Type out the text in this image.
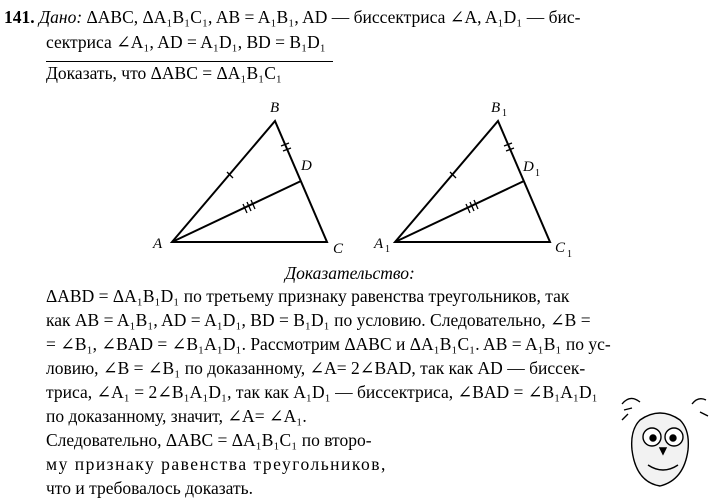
141. Дано: ΔABC, ΔA₁B₁C₁, AB = A₁B₁, AD — биссектриса ∠A, A₁D₁ — бис-
сектриса ∠A₁, AD = A₁D₁, BD = B₁D₁
Доказать, что ΔABC = ΔA₁B₁C₁
B
D
A	C
B 1
D 1
A 1	C 1
Доказательство:
ΔABD = ΔA₁B₁D₁ по третьему признаку равенства треугольников, так
как AB = A₁B₁, AD = A₁D₁, BD = B₁D₁ по условию. Следовательно, ∠B =
= ∠B₁, ∠BAD = ∠B₁A₁D₁. Рассмотрим ΔABC и ΔA₁B₁C₁. AB = A₁B₁ по ус-
ловию, ∠B = ∠B₁ по доказанному, ∠A= 2∠BAD, так как AD — биссек-
триса, ∠A₁ = 2∠B₁A₁D₁, так как A₁D₁ — биссектриса, ∠BAD = ∠B₁A₁D₁
по доказанному, значит, ∠A= ∠A₁.
Следовательно, ΔABC = ΔA₁B₁C₁ по второ-
му признаку равенства треугольников,
что и требовалось доказать.
